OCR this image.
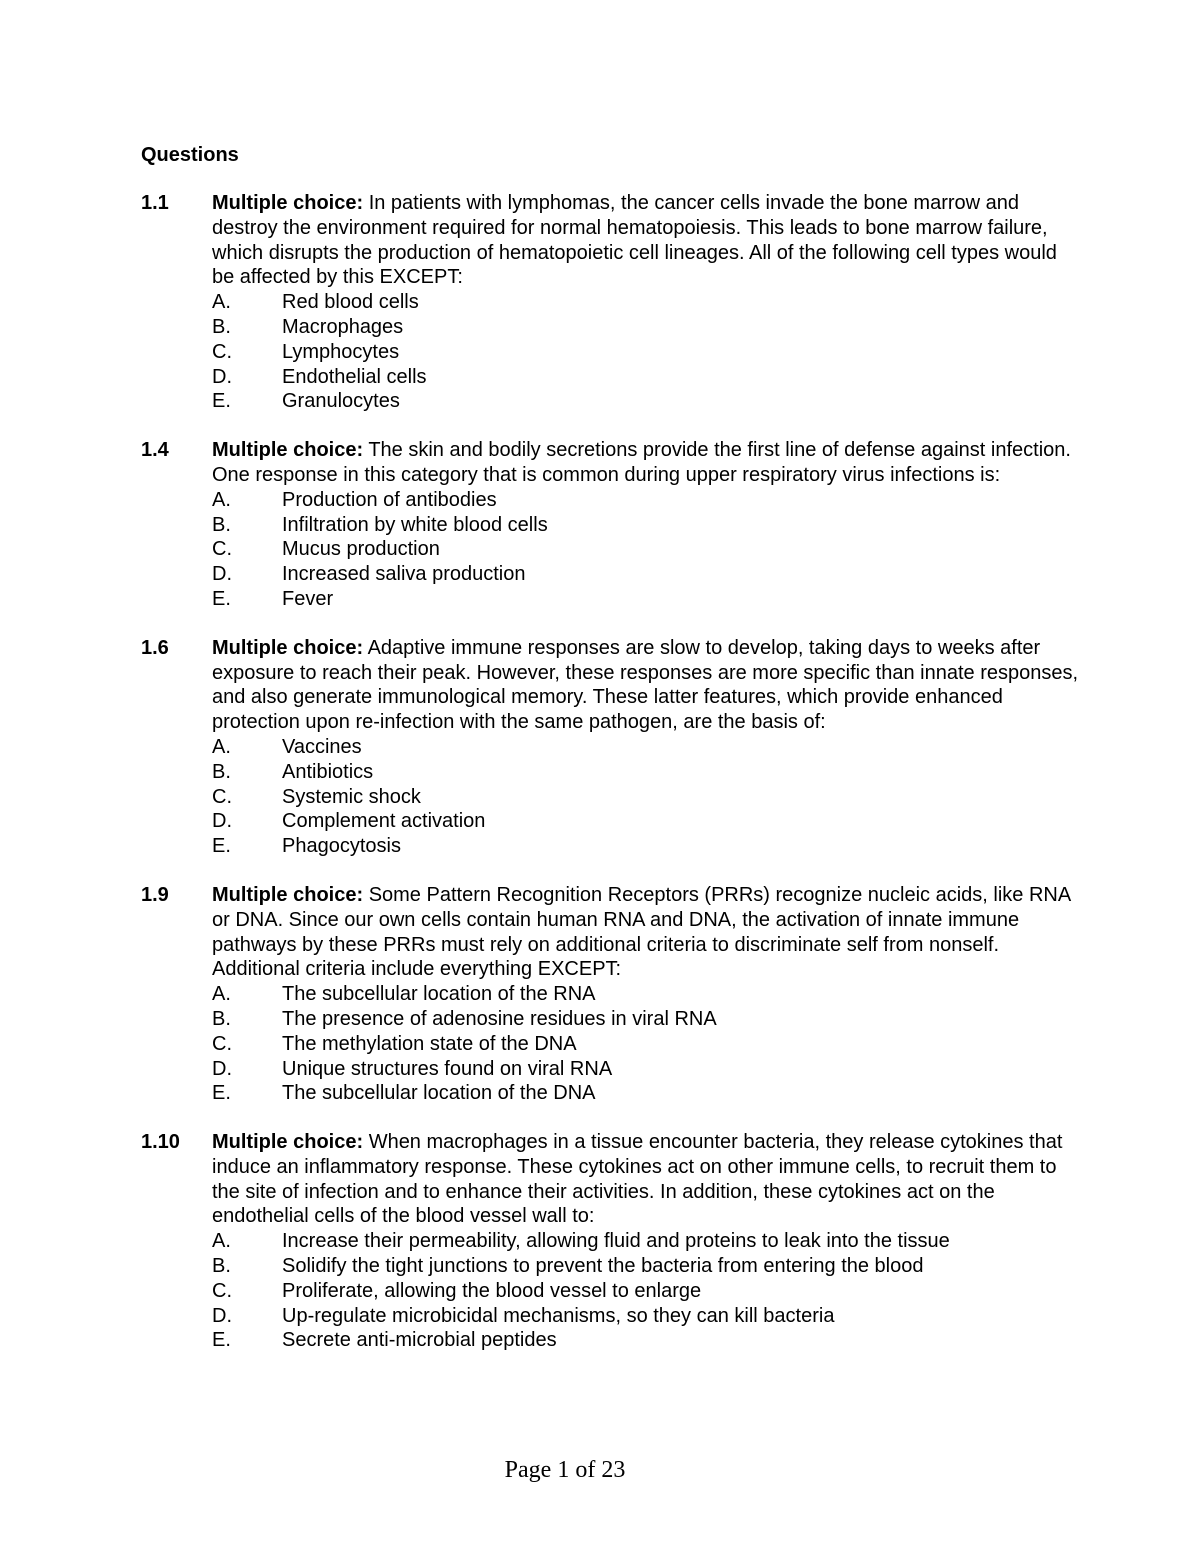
Questions
1.1	Multiple choice: In patients with lymphomas, the cancer cells invade the bone marrow and destroy the environment required for normal hematopoiesis. This leads to bone marrow failure, which disrupts the production of hematopoietic cell lineages. All of the following cell types would be affected by this EXCEPT:
A.	Red blood cells
B.	Macrophages
C.	Lymphocytes
D.	Endothelial cells
E.	Granulocytes
1.4	Multiple choice: The skin and bodily secretions provide the first line of defense against infection. One response in this category that is common during upper respiratory virus infections is:
A.	Production of antibodies
B.	Infiltration by white blood cells
C.	Mucus production
D.	Increased saliva production
E.	Fever
1.6	Multiple choice: Adaptive immune responses are slow to develop, taking days to weeks after exposure to reach their peak. However, these responses are more specific than innate responses, and also generate immunological memory. These latter features, which provide enhanced protection upon re-infection with the same pathogen, are the basis of:
A.	Vaccines
B.	Antibiotics
C.	Systemic shock
D.	Complement activation
E.	Phagocytosis
1.9	Multiple choice: Some Pattern Recognition Receptors (PRRs) recognize nucleic acids, like RNA or DNA. Since our own cells contain human RNA and DNA, the activation of innate immune pathways by these PRRs must rely on additional criteria to discriminate self from nonself. Additional criteria include everything EXCEPT:
A.	The subcellular location of the RNA
B.	The presence of adenosine residues in viral RNA
C.	The methylation state of the DNA
D.	Unique structures found on viral RNA
E.	The subcellular location of the DNA
1.10	Multiple choice: When macrophages in a tissue encounter bacteria, they release cytokines that induce an inflammatory response. These cytokines act on other immune cells, to recruit them to the site of infection and to enhance their activities. In addition, these cytokines act on the endothelial cells of the blood vessel wall to:
A.	Increase their permeability, allowing fluid and proteins to leak into the tissue
B.	Solidify the tight junctions to prevent the bacteria from entering the blood
C.	Proliferate, allowing the blood vessel to enlarge
D.	Up-regulate microbicidal mechanisms, so they can kill bacteria
E.	Secrete anti-microbial peptides
Page 1 of 23
